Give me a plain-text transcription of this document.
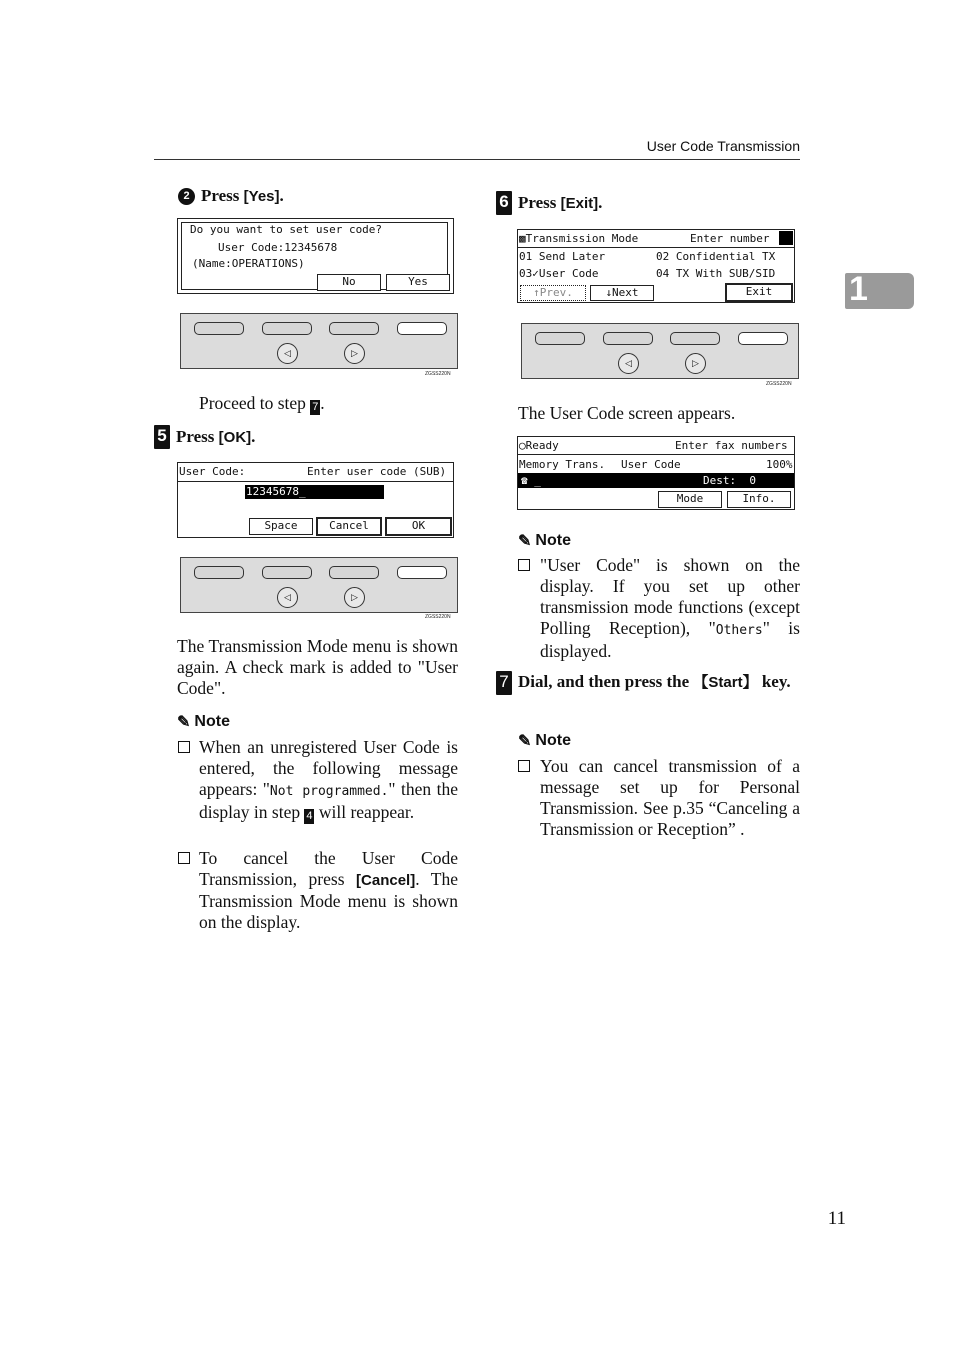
User Code Transmission
1
2 Press [Yes].
Do you want to set user code?
User Code:12345678
(Name:OPERATIONS)
No	Yes
◁	▷
ZGSS220N
Proceed to step 7 .
5 Press [OK].
User Code:	Enter user code (SUB)
12345678_
Space	Cancel	OK
◁	▷
ZGSS220N
The Transmission Mode menu is shown again. A check mark is added to "User Code".
✎ Note
When an unregistered User Code is entered, the following message appears: "Not programmed." then the display in step 4 will reappear.
To cancel the User Code Transmission, press [Cancel]. The Transmission Mode menu is shown on the display.
6 Press [Exit].
▩Transmission Mode	Enter number
01 Send Later	02 Confidential TX
03✓User Code	04 TX With SUB/SID
↑Prev.	↓Next	Exit
◁	▷
ZGSS220N
The User Code screen appears.
◯Ready	Enter fax numbers
Memory Trans. User Code	100%
☎ _	Dest:  0
Mode	Info.
✎ Note
"User Code" is shown on the display. If you set up other transmission mode functions (except Polling Reception), "Others" is displayed.
7 Dial, and then press the 【Start】 key.
✎ Note
You can cancel transmission of a message set up for Personal Transmission. See p.35 “Canceling a Transmission or Reception” .
11
